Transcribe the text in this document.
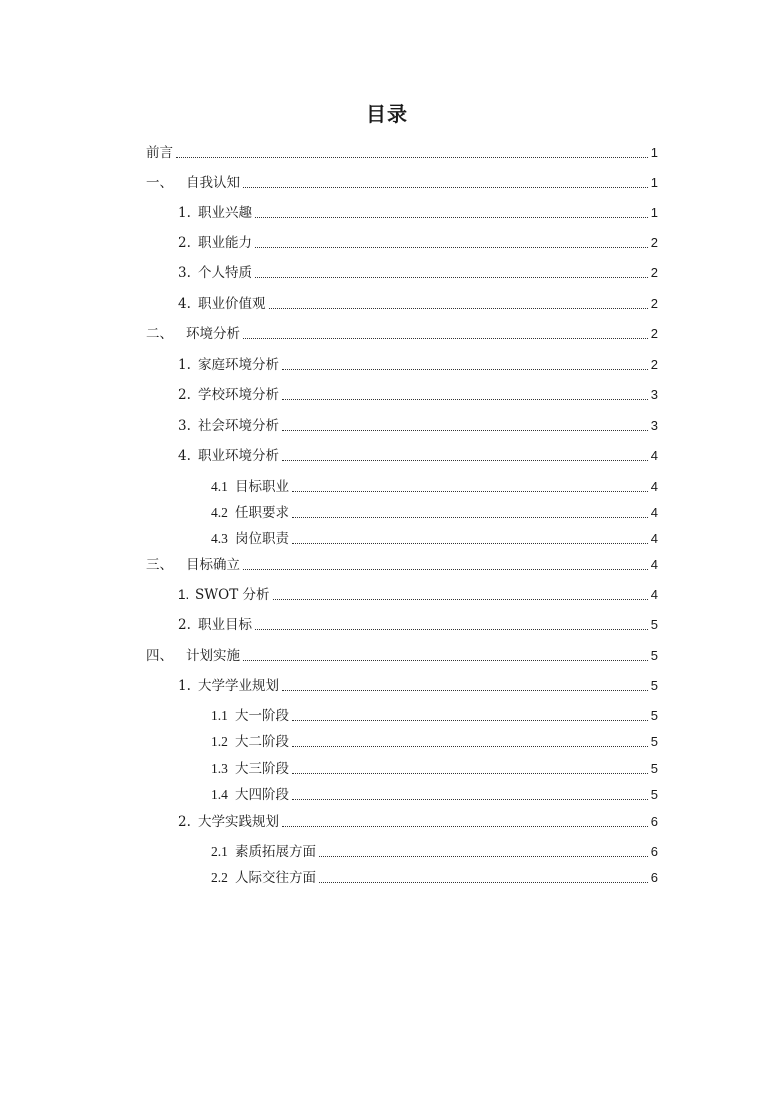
目录
前言	1
一、 自我认知	1
1. 职业兴趣	1
2. 职业能力	2
3. 个人特质	2
4. 职业价值观	2
二、 环境分析	2
1. 家庭环境分析	2
2. 学校环境分析	3
3. 社会环境分析	3
4. 职业环境分析	4
4.1 目标职业	4
4.2 任职要求	4
4.3 岗位职责	4
三、 目标确立	4
1. SWOT 分析	4
2. 职业目标	5
四、 计划实施	5
1. 大学学业规划	5
1.1 大一阶段	5
1.2 大二阶段	5
1.3 大三阶段	5
1.4 大四阶段	5
2. 大学实践规划	6
2.1 素质拓展方面	6
2.2 人际交往方面	6
